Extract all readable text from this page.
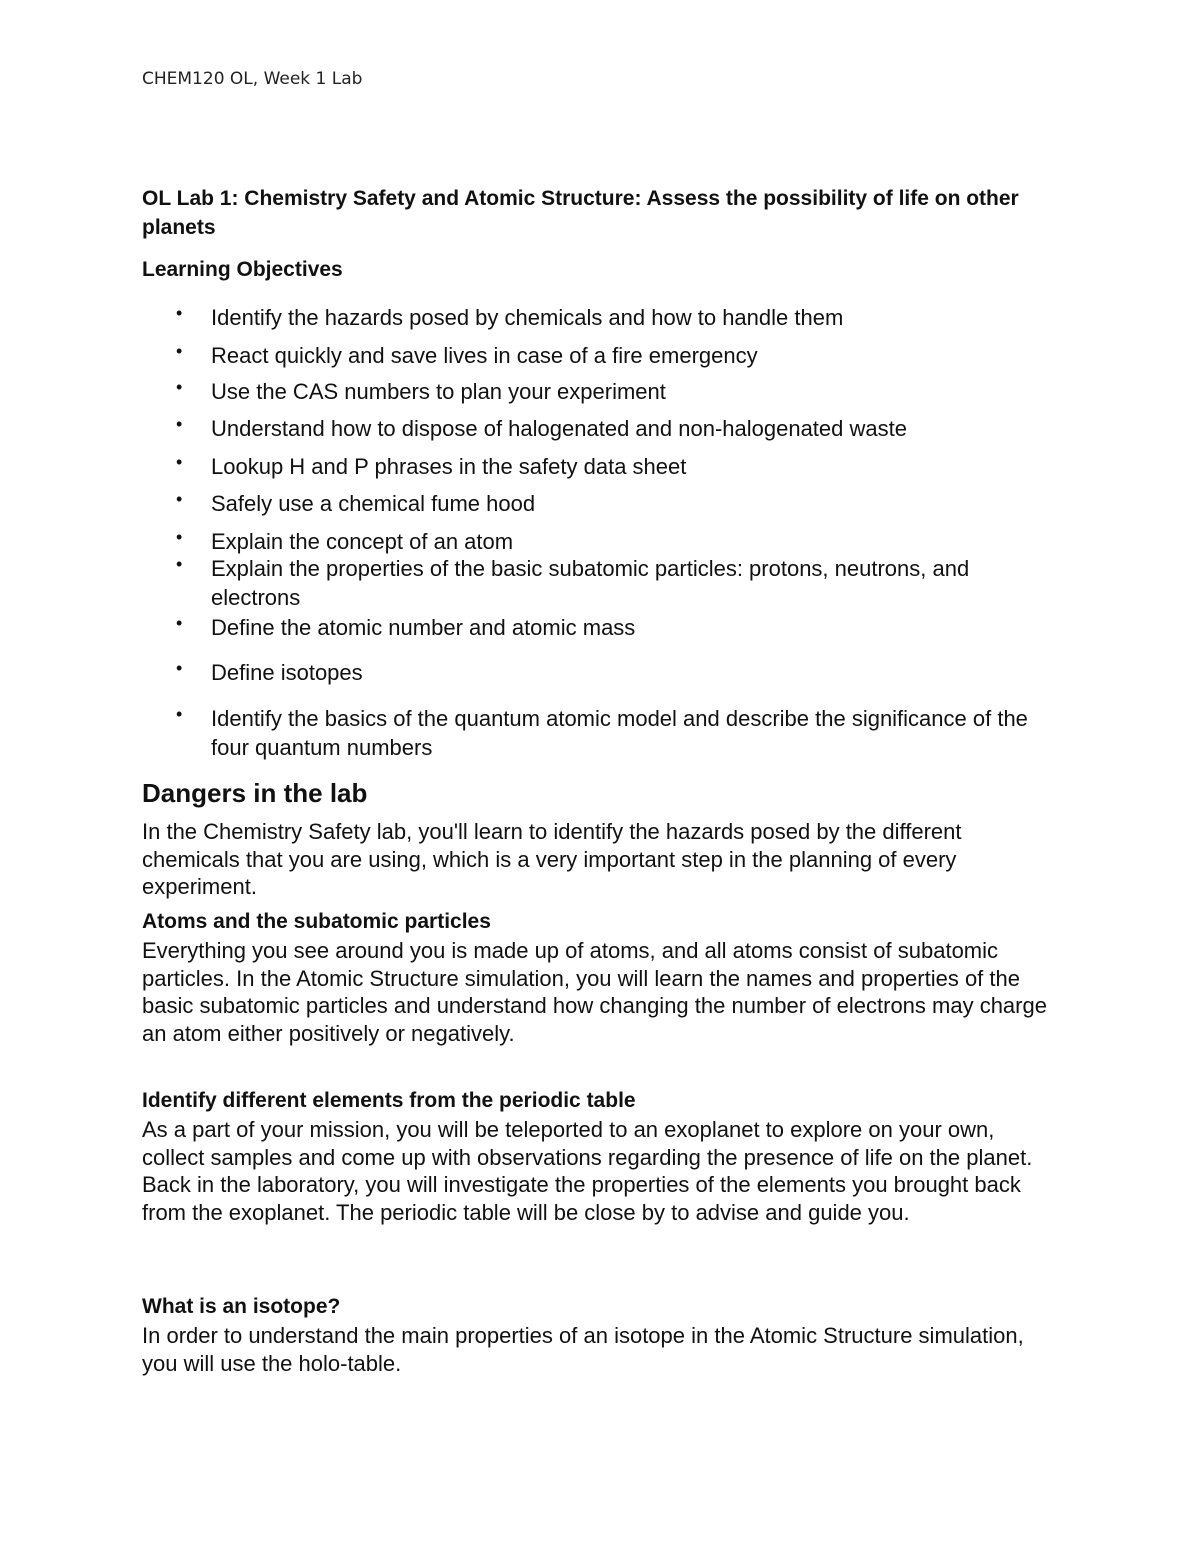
CHEM120 OL, Week 1 Lab
OL Lab 1: Chemistry Safety and Atomic Structure: Assess the possibility of life on other planets
Learning Objectives
• Identify the hazards posed by chemicals and how to handle them
• React quickly and save lives in case of a fire emergency
• Use the CAS numbers to plan your experiment
• Understand how to dispose of halogenated and non-halogenated waste
• Lookup H and P phrases in the safety data sheet
• Safely use a chemical fume hood
• Explain the concept of an atom
• Explain the properties of the basic subatomic particles: protons, neutrons, and electrons
• Define the atomic number and atomic mass
• Define isotopes
• Identify the basics of the quantum atomic model and describe the significance of the four quantum numbers
Dangers in the lab
In the Chemistry Safety lab, you'll learn to identify the hazards posed by the different chemicals that you are using, which is a very important step in the planning of every experiment.
Atoms and the subatomic particles
Everything you see around you is made up of atoms, and all atoms consist of subatomic particles. In the Atomic Structure simulation, you will learn the names and properties of the basic subatomic particles and understand how changing the number of electrons may charge an atom either positively or negatively.
Identify different elements from the periodic table
As a part of your mission, you will be teleported to an exoplanet to explore on your own, collect samples and come up with observations regarding the presence of life on the planet. Back in the laboratory, you will investigate the properties of the elements you brought back from the exoplanet. The periodic table will be close by to advise and guide you.
What is an isotope?
In order to understand the main properties of an isotope in the Atomic Structure simulation, you will use the holo-table.
